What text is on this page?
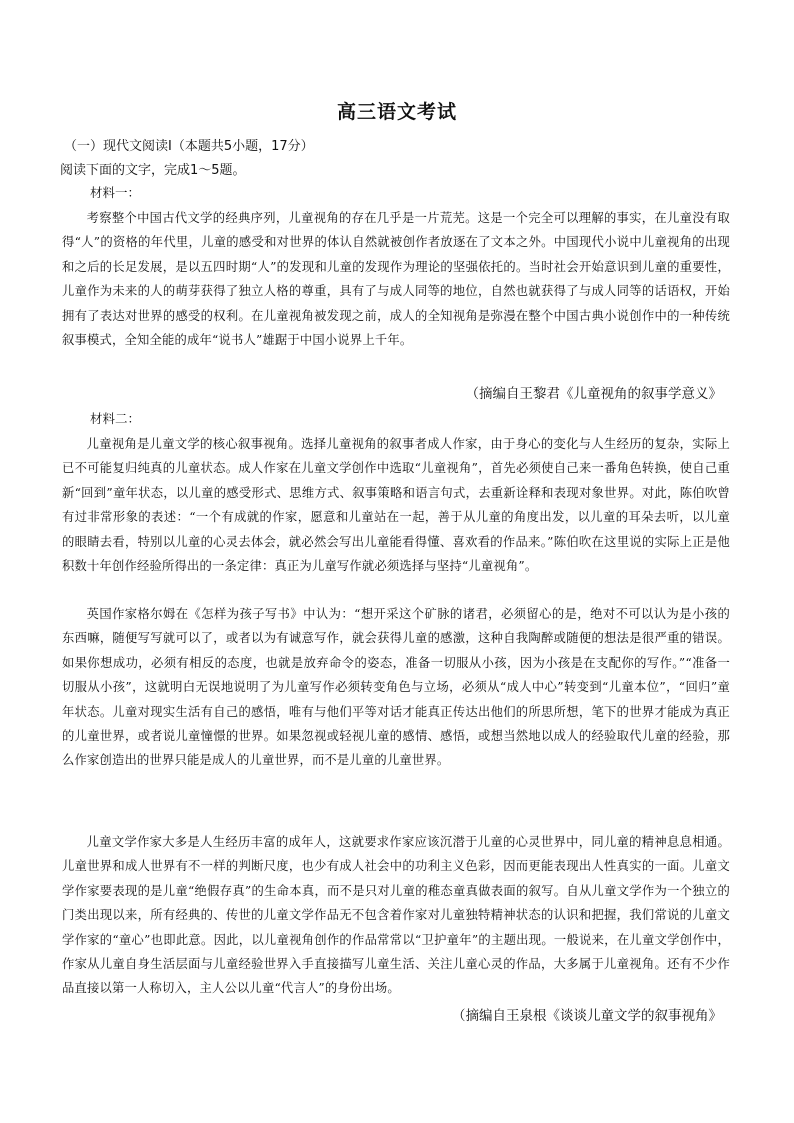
高三语文考试
（一）现代文阅读Ⅰ（本题共5小题，17分）
阅读下面的文字，完成1～5题。
材料一：

考察整个中国古代文学的经典序列，儿童视角的存在几乎是一片荒芜。这是一个完全可以理解的事实，在儿童没有取得“人”的资格的年代里，儿童的感受和对世界的体认自然就被创作者放逐在了文本之外。中国现代小说中儿童视角的出现和之后的长足发展，是以五四时期“人”的发现和儿童的发现作为理论的坚强依托的。当时社会开始意识到儿童的重要性，儿童作为未来的人的萌芽获得了独立人格的尊重，具有了与成人同等的地位，自然也就获得了与成人同等的话语权，开始拥有了表达对世界的感受的权利。在儿童视角被发现之前，成人的全知视角是弥漫在整个中国古典小说创作中的一种传统叙事模式，全知全能的成年“说书人”雄踞于中国小说界上千年。

（摘编自王黎君《儿童视角的叙事学意义》
材料二：

儿童视角是儿童文学的核心叙事视角。选择儿童视角的叙事者成人作家，由于身心的变化与人生经历的复杂，实际上已不可能复归纯真的儿童状态。成人作家在儿童文学创作中选取“儿童视角”，首先必须使自己来一番角色转换，使自己重新“回到”童年状态，以儿童的感受形式、思维方式、叙事策略和语言句式，去重新诠释和表现对象世界。对此，陈伯吹曾有过非常形象的表述：“一个有成就的作家，愿意和儿童站在一起，善于从儿童的角度出发，以儿童的耳朵去听，以儿童的眼睛去看，特别以儿童的心灵去体会，就必然会写出儿童能看得懂、喜欢看的作品来。”陈伯吹在这里说的实际上正是他积数十年创作经验所得出的一条定律：真正为儿童写作就必须选择与坚持“儿童视角”。

英国作家格尔姆在《怎样为孩子写书》中认为：“想开采这个矿脉的诸君，必须留心的是，绝对不可以认为是小孩的东西嘛，随便写写就可以了，或者以为有诚意写作，就会获得儿童的感激，这种自我陶醉或随便的想法是很严重的错误。如果你想成功，必须有相反的态度，也就是放弃命令的姿态，准备一切服从小孩，因为小孩是在支配你的写作。”“准备一切服从小孩”，这就明白无误地说明了为儿童写作必须转变角色与立场，必须从“成人中心”转变到“儿童本位”，“回归”童年状态。儿童对现实生活有自己的感悟，唯有与他们平等对话才能真正传达出他们的所思所想，笔下的世界才能成为真正的儿童世界，或者说儿童憧憬的世界。如果忽视或轻视儿童的感情、感悟，或想当然地以成人的经验取代儿童的经验，那么作家创造出的世界只能是成人的儿童世界，而不是儿童的儿童世界。

儿童文学作家大多是人生经历丰富的成年人，这就要求作家应该沉潜于儿童的心灵世界中，同儿童的精神息息相通。儿童世界和成人世界有不一样的判断尺度，也少有成人社会中的功利主义色彩，因而更能表现出人性真实的一面。儿童文学作家要表现的是儿童“绝假存真”的生命本真，而不是只对儿童的稚态童真做表面的叙写。自从儿童文学作为一个独立的门类出现以来，所有经典的、传世的儿童文学作品无不包含着作家对儿童独特精神状态的认识和把握，我们常说的儿童文学作家的“童心”也即此意。因此，以儿童视角创作的作品常常以“卫护童年”的主题出现。一般说来，在儿童文学创作中，作家从儿童自身生活层面与儿童经验世界入手直接描写儿童生活、关注儿童心灵的作品，大多属于儿童视角。还有不少作品直接以第一人称切入，主人公以儿童“代言人”的身份出场。

（摘编自王泉根《谈谈儿童文学的叙事视角》
